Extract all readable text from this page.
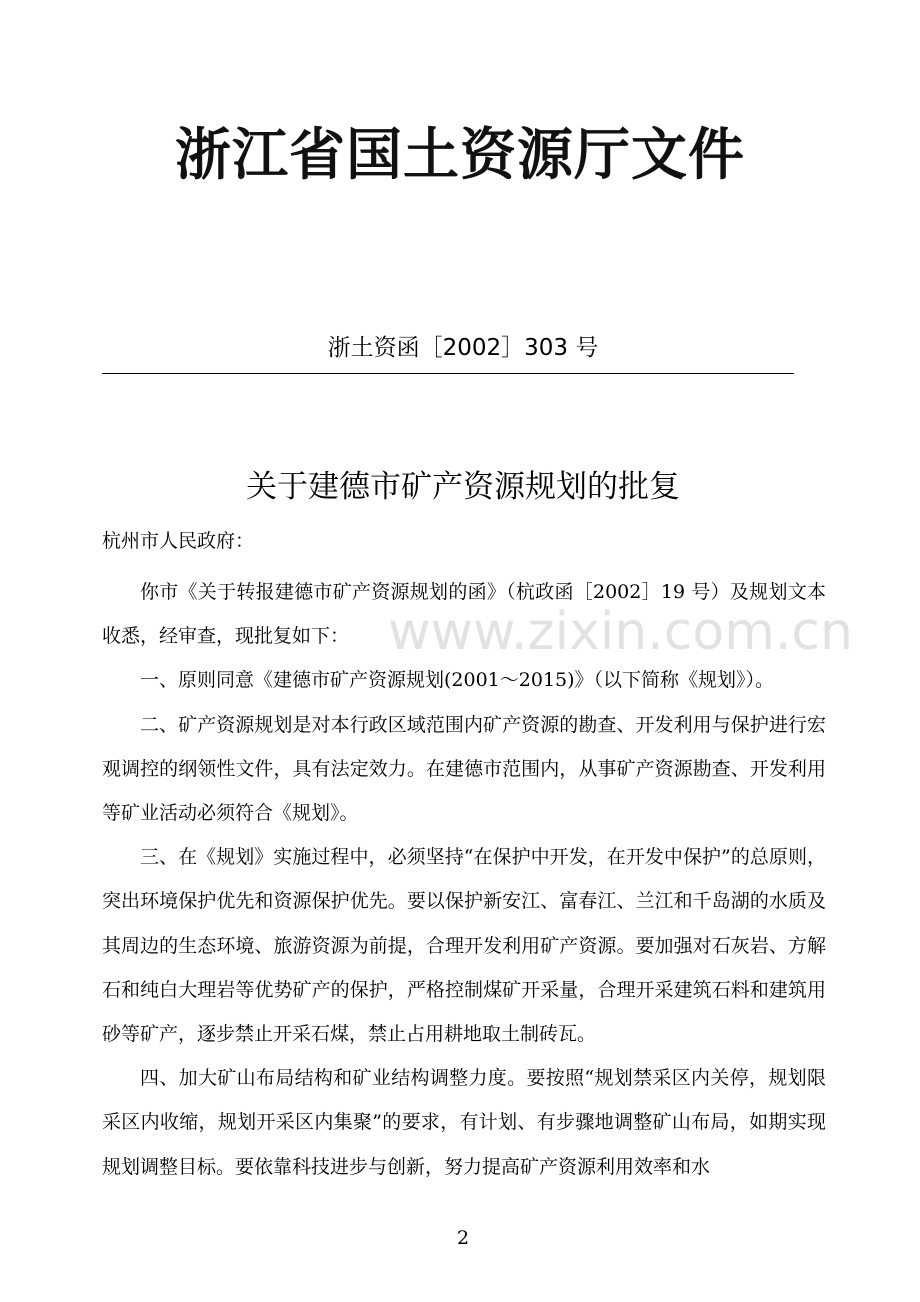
浙江省国土资源厅文件
浙土资函［2002］303 号
关于建德市矿产资源规划的批复
杭州市人民政府：

你市《关于转报建德市矿产资源规划的函》（杭政函［2002］19 号）及规划文本收悉，经审查，现批复如下：

一、原则同意《建德市矿产资源规划(2001～2015)》（以下简称《规划》）。

二、矿产资源规划是对本行政区域范围内矿产资源的勘查、开发利用与保护进行宏观调控的纲领性文件，具有法定效力。在建德市范围内，从事矿产资源勘查、开发利用等矿业活动必须符合《规划》。

三、在《规划》实施过程中，必须坚持“在保护中开发，在开发中保护”的总原则，突出环境保护优先和资源保护优先。要以保护新安江、富春江、兰江和千岛湖的水质及其周边的生态环境、旅游资源为前提，合理开发利用矿产资源。要加强对石灰岩、方解石和纯白大理岩等优势矿产的保护，严格控制煤矿开采量，合理开采建筑石料和建筑用砂等矿产，逐步禁止开采石煤，禁止占用耕地取土制砖瓦。

四、加大矿山布局结构和矿业结构调整力度。要按照“规划禁采区内关停，规划限采区内收缩，规划开采区内集聚”的要求，有计划、有步骤地调整矿山布局，如期实现规划调整目标。要依靠科技进步与创新，努力提高矿产资源利用效率和水

www.zixin.com.cn
2
